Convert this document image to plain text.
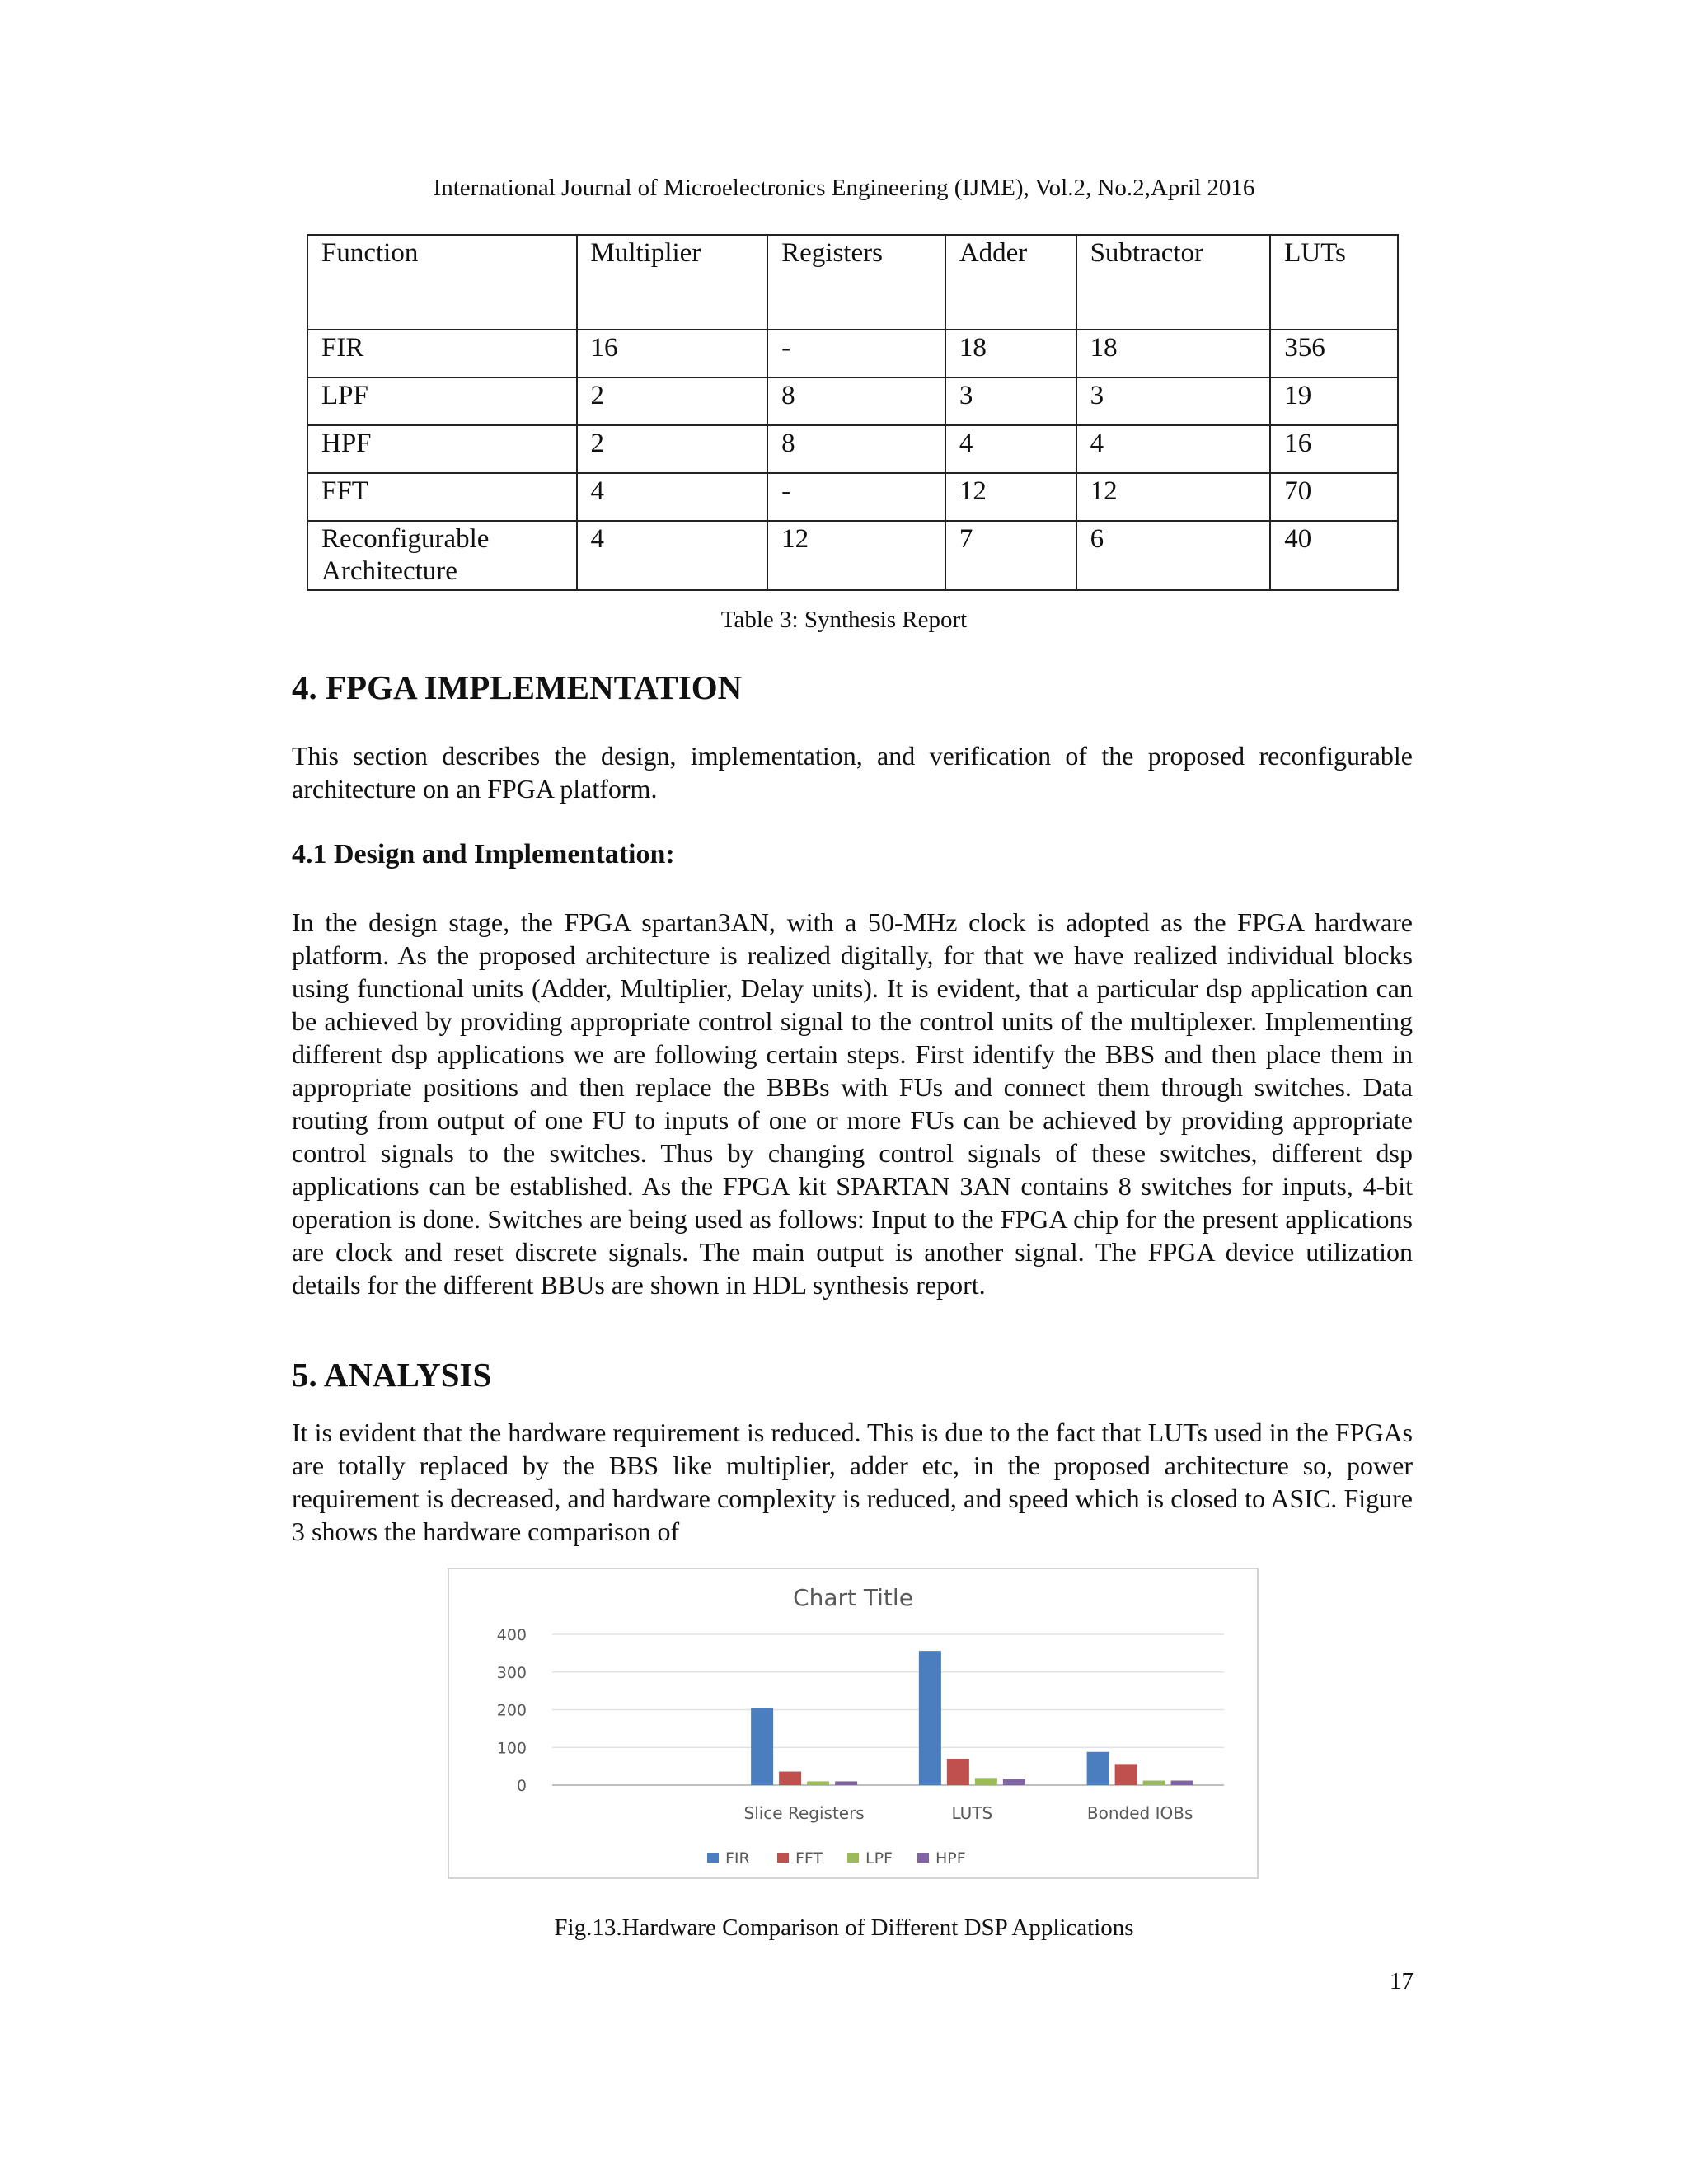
International Journal of Microelectronics Engineering (IJME), Vol.2, No.2,April 2016
Function	Multiplier	Registers	Adder	Subtractor	LUTs
FIR	16	-	18	18	356
LPF	2	8	3	3	19
HPF	2	8	4	4	16
FFT	4	-	12	12	70
Reconfigurable Architecture	4	12	7	6	40
Table 3: Synthesis Report
4. FPGA IMPLEMENTATION

This section describes the design, implementation, and verification of the proposed reconfigurable architecture on an FPGA platform.

4.1 Design and Implementation:

In the design stage, the FPGA spartan3AN, with a 50-MHz clock is adopted as the FPGA hardware platform. As the proposed architecture is realized digitally, for that we have realized individual blocks using functional units (Adder, Multiplier, Delay units). It is evident, that a particular dsp application can be achieved by providing appropriate control signal to the control units of the multiplexer. Implementing different dsp applications we are following certain steps. First identify the BBS and then place them in appropriate positions and then replace the BBBs with FUs and connect them through switches. Data routing from output of one FU to inputs of one or more FUs can be achieved by providing appropriate control signals to the switches. Thus by changing control signals of these switches, different dsp applications can be established. As the FPGA kit SPARTAN 3AN contains 8 switches for inputs, 4-bit operation is done. Switches are being used as follows: Input to the FPGA chip for the present applications are clock and reset discrete signals. The main output is another signal. The FPGA device utilization details for the different BBUs are shown in HDL synthesis report.

5. ANALYSIS

It is evident that the hardware requirement is reduced. This is due to the fact that LUTs used in the FPGAs are totally replaced by the BBS like multiplier, adder etc, in the proposed architecture so, power requirement is decreased, and hardware complexity is reduced, and speed which is closed to ASIC. Figure 3 shows the hardware comparison of

Chart Title
400
300
200
100
0
Slice Registers	LUTS	Bonded IOBs
FIR	FFT	LPF	HPF
Fig.13.Hardware Comparison of Different DSP Applications
17
